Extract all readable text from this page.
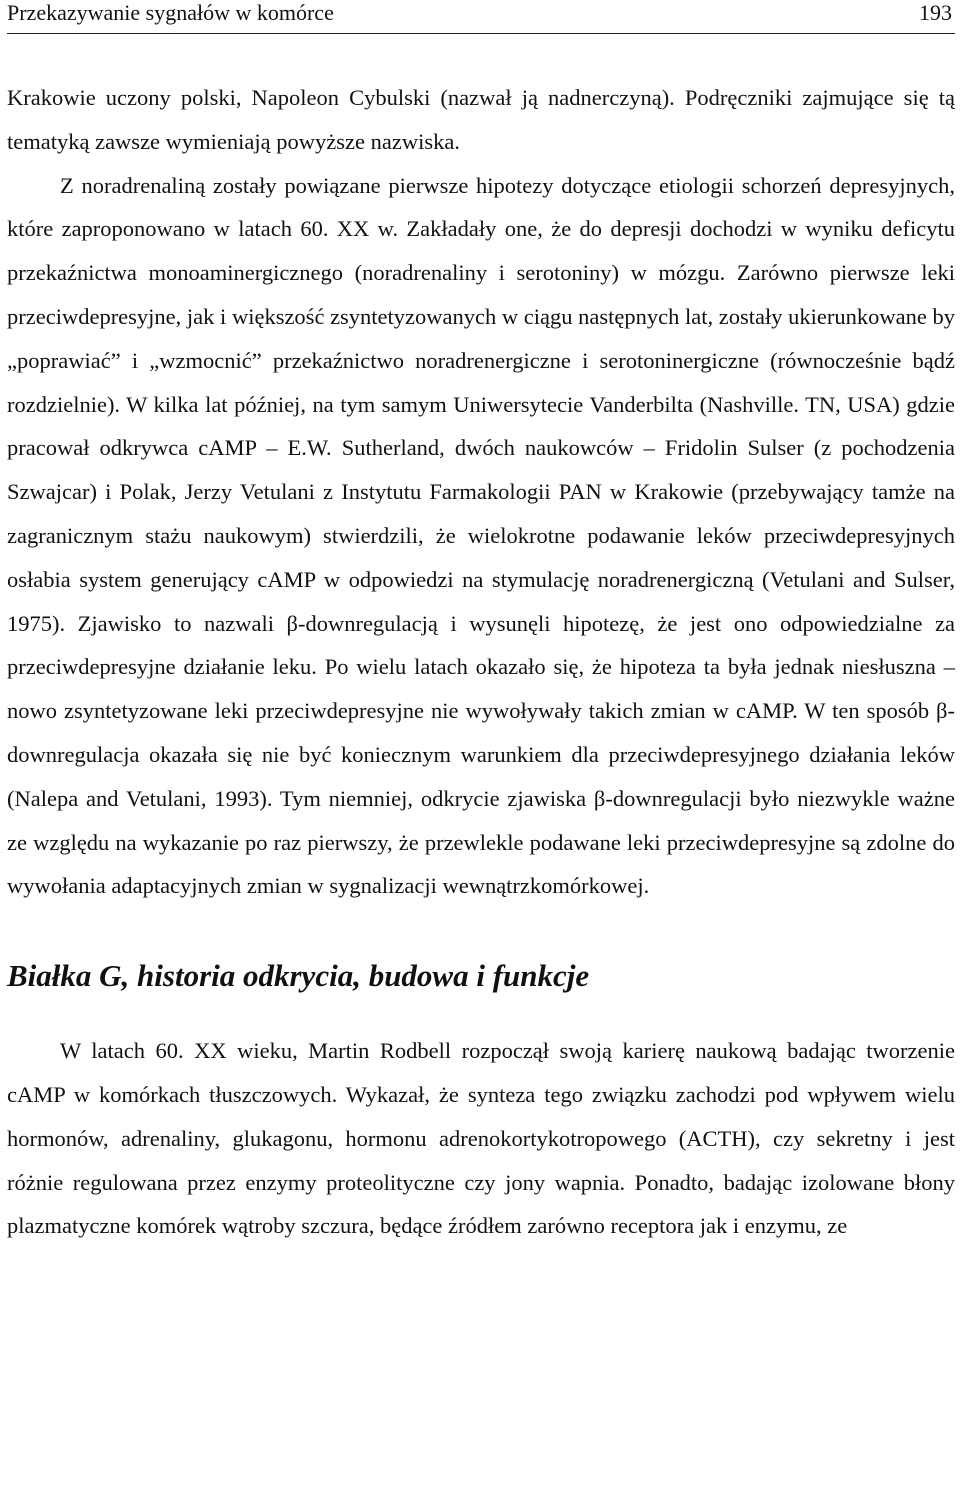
Przekazywanie sygnałów w komórce	193

Krakowie uczony polski, Napoleon Cybulski (nazwał ją nadnerczyną). Podręczniki zajmujące się tą tematyką zawsze wymieniają powyższe nazwiska.

Z noradrenaliną zostały powiązane pierwsze hipotezy dotyczące etiologii schorzeń depresyjnych, które zaproponowano w latach 60. XX w. Zakładały one, że do depresji dochodzi w wyniku deficytu przekaźnictwa monoaminergicznego (noradrenaliny i serotoniny) w mózgu. Zarówno pierwsze leki przeciwdepresyjne, jak i większość zsyntetyzowanych w ciągu następnych lat, zostały ukierunkowane by „poprawiać” i „wzmocnić” przekaźnictwo noradrenergiczne i serotoninergiczne (równocześnie bądź rozdzielnie). W kilka lat później, na tym samym Uniwersytecie Vanderbilta (Nashville. TN, USA) gdzie pracował odkrywca cAMP – E.W. Sutherland, dwóch naukowców – Fridolin Sulser (z pochodzenia Szwajcar) i Polak, Jerzy Vetulani z Instytutu Farmakologii PAN w Krakowie (przebywający tamże na zagranicznym stażu naukowym) stwierdzili, że wielokrotne podawanie leków przeciwdepresyjnych osłabia system generujący cAMP w odpowiedzi na stymulację noradrenergiczną (Vetulani and Sulser, 1975). Zjawisko to nazwali β-downregulacją i wysunęli hipotezę, że jest ono odpowiedzialne za przeciwdepresyjne działanie leku. Po wielu latach okazało się, że hipoteza ta była jednak niesłuszna – nowo zsyntetyzowane leki przeciwdepresyjne nie wywoływały takich zmian w cAMP. W ten sposób β-downregulacja okazała się nie być koniecznym warunkiem dla przeciwdepresyjnego działania leków (Nalepa and Vetulani, 1993). Tym niemniej, odkrycie zjawiska β-downregulacji było niezwykle ważne ze względu na wykazanie po raz pierwszy, że przewlekle podawane leki przeciwdepresyjne są zdolne do wywołania adaptacyjnych zmian w sygnalizacji wewnątrzkomórkowej.

Białka G, historia odkrycia, budowa i funkcje

W latach 60. XX wieku, Martin Rodbell rozpoczął swoją karierę naukową badając tworzenie cAMP w komórkach tłuszczowych. Wykazał, że synteza tego związku zachodzi pod wpływem wielu hormonów, adrenaliny, glukagonu, hormonu adrenokortykotropowego (ACTH), czy sekretny i jest różnie regulowana przez enzymy proteolityczne czy jony wapnia. Ponadto, badając izolowane błony plazmatyczne komórek wątroby szczura, będące źródłem zarówno receptora jak i enzymu, ze
